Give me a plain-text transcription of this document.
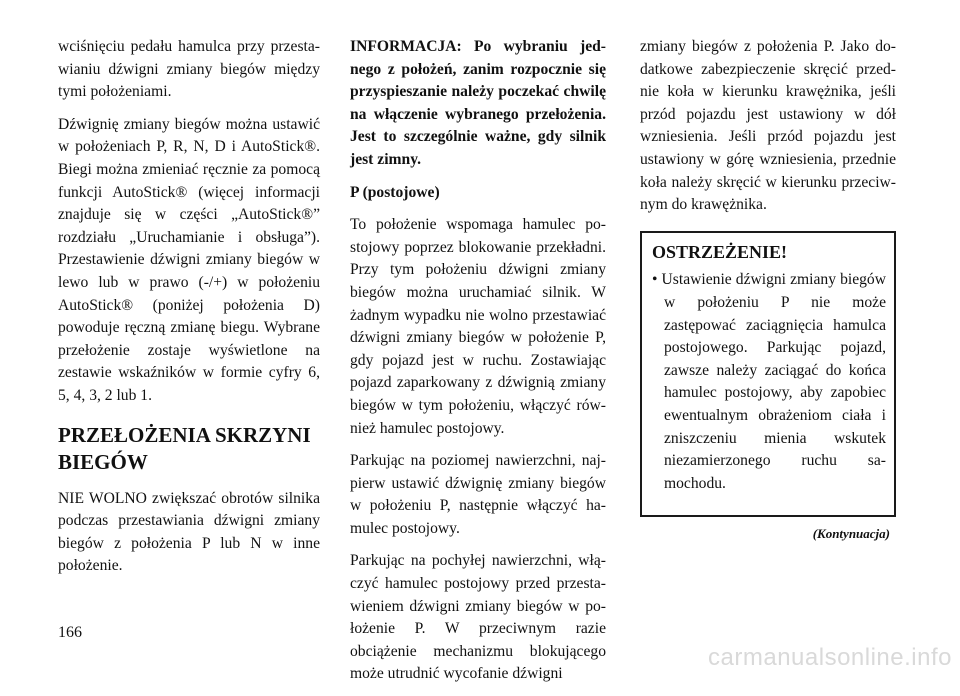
wciśnięciu pedału hamulca przy przestawianiu dźwigni zmiany biegów między tymi położeniami.

Dźwignię zmiany biegów można ustawić w położeniach P, R, N, D i AutoStick®. Biegi można zmieniać ręcznie za pomocą funkcji AutoStick® (więcej informacji znajduje się w części „AutoStick®” rozdziału „Uruchamianie i obsługa”). Przestawienie dźwigni zmiany biegów w lewo lub w prawo (-/+) w położeniu AutoStick® (poniżej położenia D) powoduje ręczną zmianę biegu. Wybrane przełożenie zostaje wyświetlone na zestawie wskaźników w formie cyfry 6, 5, 4, 3, 2 lub 1.

PRZEŁOŻENIA SKRZYNI BIEGÓW

NIE WOLNO zwiększać obrotów silnika podczas przestawiania dźwigni zmiany biegów z położenia P lub N w inne położenie.

INFORMACJA: Po wybraniu jednego z położeń, zanim rozpocznie się przyspieszanie należy poczekać chwilę na włączenie wybranego przełożenia. Jest to szczególnie ważne, gdy silnik jest zimny.

P (postojowe)

To położenie wspomaga hamulec postojowy poprzez blokowanie przekładni. Przy tym położeniu dźwigni zmiany biegów można uruchamiać silnik. W żadnym wypadku nie wolno przestawiać dźwigni zmiany biegów w położenie P, gdy pojazd jest w ruchu. Zostawiając pojazd zaparkowany z dźwignią zmiany biegów w tym położeniu, włączyć również hamulec postojowy.

Parkując na poziomej nawierzchni, najpierw ustawić dźwignię zmiany biegów w położeniu P, następnie włączyć hamulec postojowy.

Parkując na pochyłej nawierzchni, włączyć hamulec postojowy przed przestawieniem dźwigni zmiany biegów w położenie P. W przeciwnym razie obciążenie mechanizmu blokującego może utrudnić wycofanie dźwigni

zmiany biegów z położenia P. Jako dodatkowe zabezpieczenie skręcić przednie koła w kierunku krawężnika, jeśli przód pojazdu jest ustawiony w dół wzniesienia. Jeśli przód pojazdu jest ustawiony w górę wzniesienia, przednie koła należy skręcić w kierunku przeciwnym do krawężnika.

OSTRZEŻENIE!

• Ustawienie dźwigni zmiany biegów w położeniu P nie może zastępować zaciągnięcia hamulca postojowego. Parkując pojazd, zawsze należy zaciągać do końca hamulec postojowy, aby zapobiec ewentualnym obrażeniom ciała i zniszczeniu mienia wskutek niezamierzonego ruchu samochodu.

(Kontynuacja)
166
carmanualsonline.info
